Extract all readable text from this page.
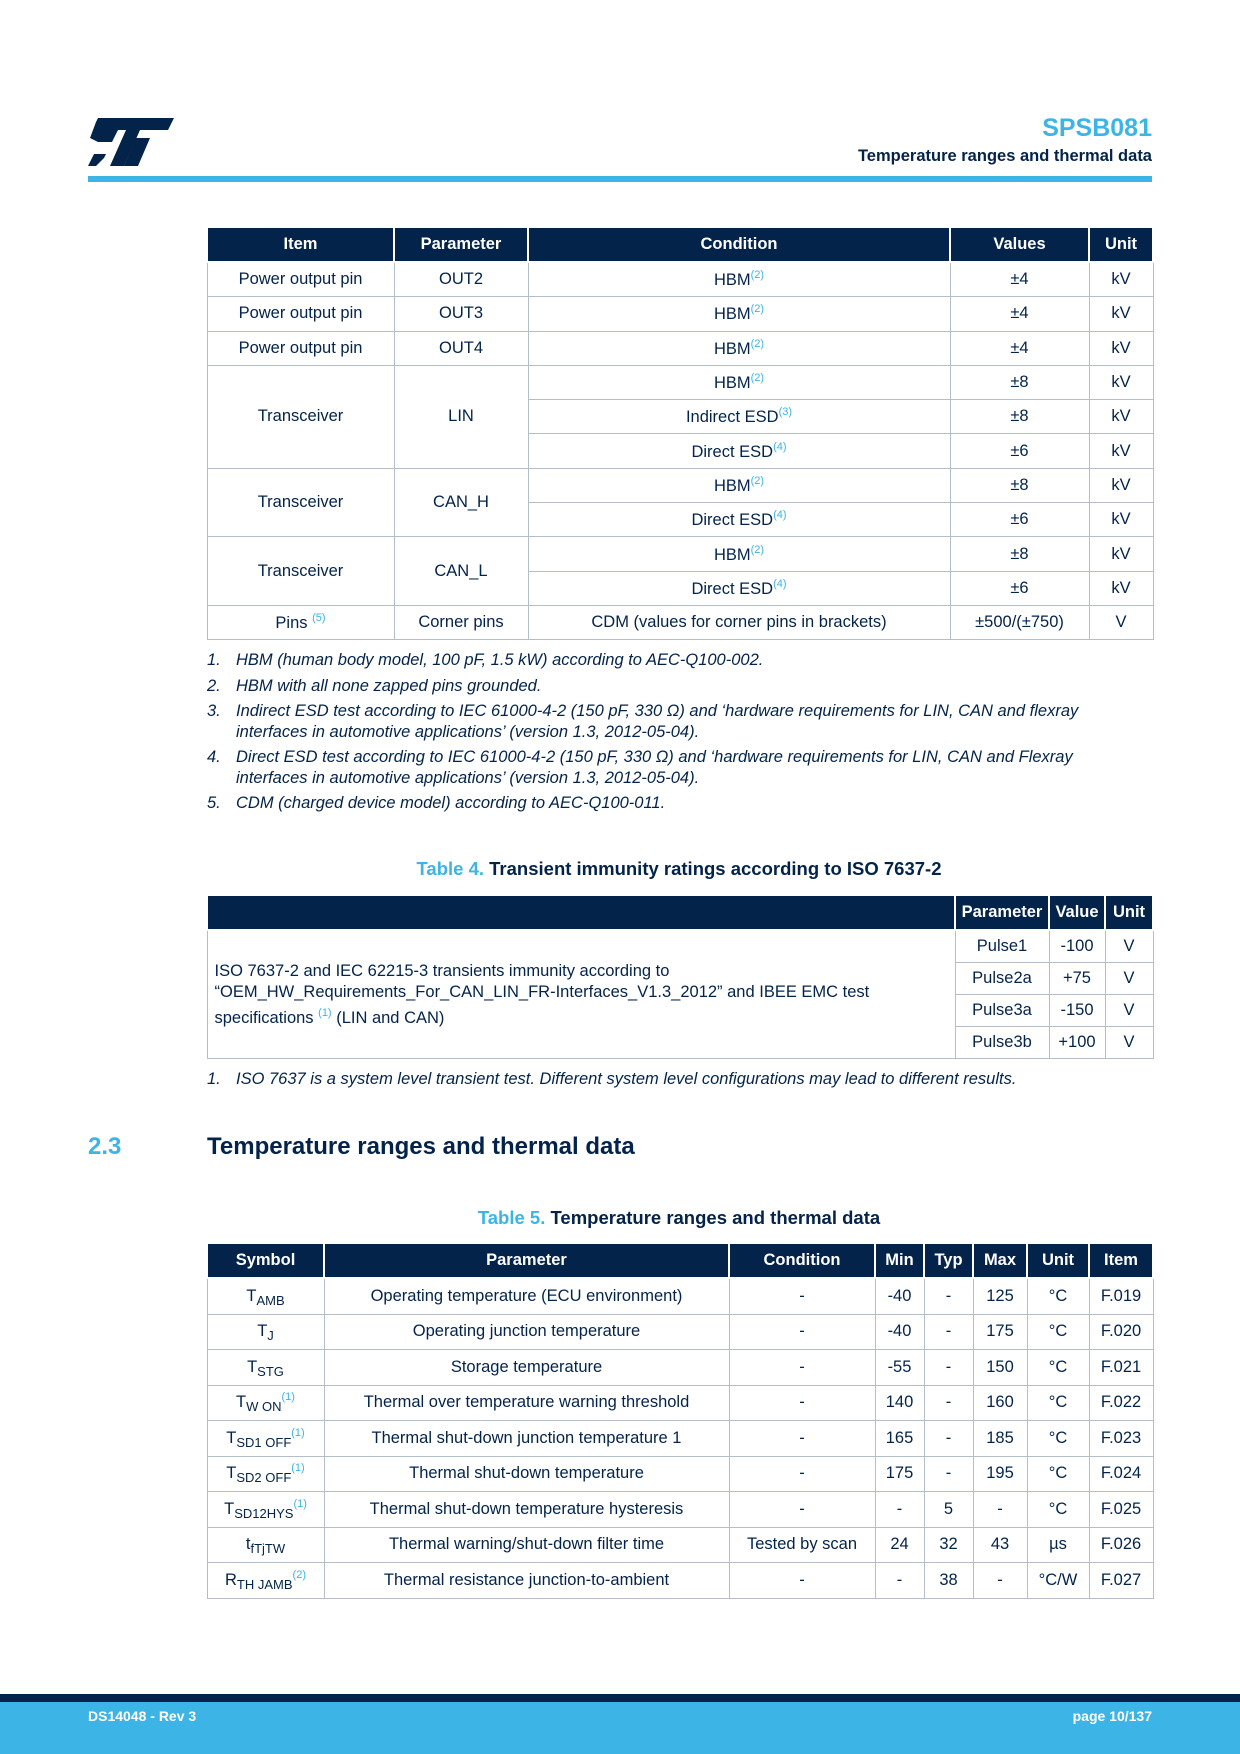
SPSB081
Temperature ranges and thermal data
Item	Parameter	Condition	Values	Unit
Power output pin	OUT2	$HBM^{(2)}$	±4	kV
Power output pin	OUT3	$HBM^{(2)}$	±4	kV
Power output pin	OUT4	$HBM^{(2)}$	±4	kV
Transceiver	LIN	$HBM^{(2)}$	±8	kV
		Indirect $ESD^{(3)}$	±8	kV
		Direct $ESD^{(4)}$	±6	kV
Transceiver	CAN_H	$HBM^{(2)}$	±8	kV
		Direct $ESD^{(4)}$	±6	kV
Transceiver	CAN_L	$HBM^{(2)}$	±8	kV
		Direct $ESD^{(4)}$	±6	kV
Pins $^{(5)}$	Corner pins	CDM (values for corner pins in brackets)	±500/(±750)	V
1. HBM (human body model, 100 pF, 1.5 kW) according to AEC-Q100-002.
2. HBM with all none zapped pins grounded.
3. Indirect ESD test according to IEC 61000-4-2 (150 pF, 330 Ω) and ‘hardware requirements for LIN, CAN and flexray interfaces in automotive applications’ (version 1.3, 2012-05-04).
4. Direct ESD test according to IEC 61000-4-2 (150 pF, 330 Ω) and ‘hardware requirements for LIN, CAN and Flexray interfaces in automotive applications’ (version 1.3, 2012-05-04).
5. CDM (charged device model) according to AEC-Q100-011.
Table 4. Transient immunity ratings according to ISO 7637-2
	Parameter	Value	Unit
ISO 7637-2 and IEC 62215-3 transients immunity according to “OEM_HW_Requirements_For_CAN_LIN_FR-Interfaces_V1.3_2012” and IBEE EMC test specifications $^{(1)}$ (LIN and CAN)	Pulse1	-100	V
	Pulse2a	+75	V
	Pulse3a	-150	V
	Pulse3b	+100	V
1. ISO 7637 is a system level transient test. Different system level configurations may lead to different results.
2.3	Temperature ranges and thermal data
Table 5. Temperature ranges and thermal data
Symbol	Parameter	Condition	Min	Typ	Max	Unit	Item
$T_{AMB}$	Operating temperature (ECU environment)	-	-40	-	125	°C	F.019
$T_J$	Operating junction temperature	-	-40	-	175	°C	F.020
$T_{STG}$	Storage temperature	-	-55	-	150	°C	F.021
$T_{W ON}^{(1)}$	Thermal over temperature warning threshold	-	140	-	160	°C	F.022
$T_{SD1 OFF}^{(1)}$	Thermal shut-down junction temperature 1	-	165	-	185	°C	F.023
$T_{SD2 OFF}^{(1)}$	Thermal shut-down temperature	-	175	-	195	°C	F.024
$T_{SD12HYS}^{(1)}$	Thermal shut-down temperature hysteresis	-	-	5	-	°C	F.025
$t_{fTjTW}$	Thermal warning/shut-down filter time	Tested by scan	24	32	43	µs	F.026
$R_{TH JAMB}^{(2)}$	Thermal resistance junction-to-ambient	-	-	38	-	°C/W	F.027
DS14048 - Rev 3	page 10/137
